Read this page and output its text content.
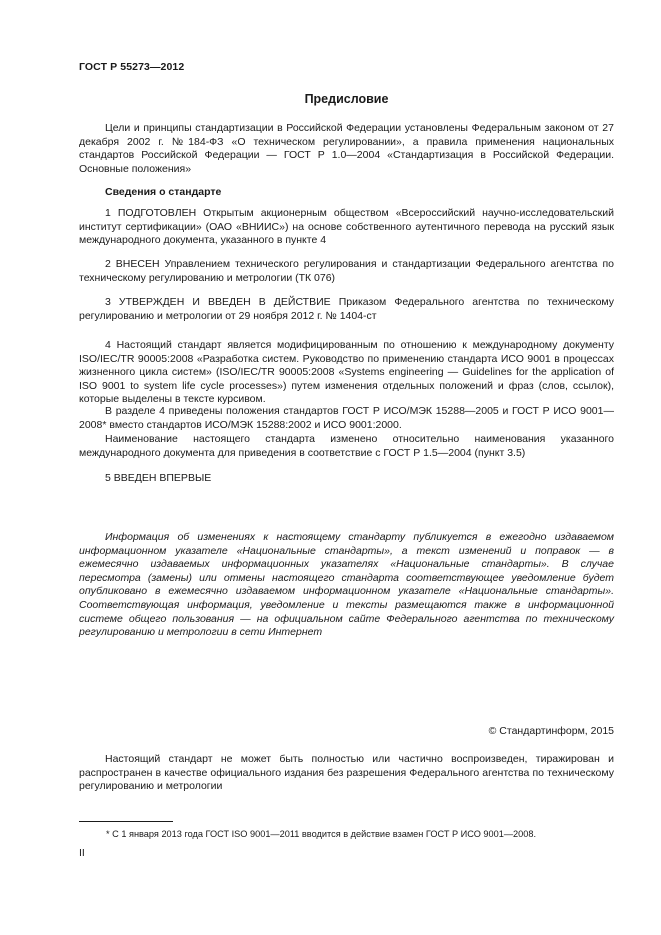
ГОСТ Р 55273—2012
Предисловие

Цели и принципы стандартизации в Российской Федерации установлены Федеральным законом от 27 декабря 2002 г. №184-ФЗ «О техническом регулировании», а правила применения национальных стандартов Российской Федерации — ГОСТ Р 1.0—2004 «Стандартизация в Российской Федерации. Основные положения»

Сведения о стандарте

1 ПОДГОТОВЛЕН Открытым акционерным обществом «Всероссийский научно-исследовательский институт сертификации» (ОАО «ВНИИС») на основе собственного аутентичного перевода на русский язык международного документа, указанного в пункте 4

2 ВНЕСЕН Управлением технического регулирования и стандартизации Федерального агентства по техническому регулированию и метрологии (ТК 076)

3 УТВЕРЖДЕН И ВВЕДЕН В ДЕЙСТВИЕ Приказом Федерального агентства по техническому регулированию и метрологии от 29 ноября 2012 г. № 1404-ст

4 Настоящий стандарт является модифицированным по отношению к международному документу ISO/IEC/TR 90005:2008 «Разработка систем. Руководство по применению стандарта ИСО 9001 в процессах жизненного цикла систем» (ISO/IEC/TR 90005:2008 «Systems engineering — Guidelines for the application of ISO 9001 to system life cycle processes») путем изменения отдельных положений и фраз (слов, ссылок), которые выделены в тексте курсивом.

В разделе 4 приведены положения стандартов ГОСТ Р ИСО/МЭК 15288—2005 и ГОСТ Р ИСО 9001—2008* вместо стандартов ИСО/МЭК 15288:2002 и ИСО 9001:2000.

Наименование настоящего стандарта изменено относительно наименования указанного международного документа для приведения в соответствие с ГОСТ Р 1.5—2004 (пункт 3.5)

5 ВВЕДЕН ВПЕРВЫЕ

Информация об изменениях к настоящему стандарту публикуется в ежегодно издаваемом информационном указателе «Национальные стандарты», а текст изменений и поправок — в ежемесячно издаваемых информационных указателях «Национальные стандарты». В случае пересмотра (замены) или отмены настоящего стандарта соответствующее уведомление будет опубликовано в ежемесячно издаваемом информационном указателе «Национальные стандарты». Соответствующая информация, уведомление и тексты размещаются также в информационной системе общего пользования — на официальном сайте Федерального агентства по техническому регулированию и метрологии в сети Интернет

© Стандартинформ, 2015

Настоящий стандарт не может быть полностью или частично воспроизведен, тиражирован и распространен в качестве официального издания без разрешения Федерального агентства по техническому регулированию и метрологии

* С 1 января 2013 года ГОСТ ISO 9001—2011 вводится в действие взамен ГОСТ Р ИСО 9001—2008.
II
